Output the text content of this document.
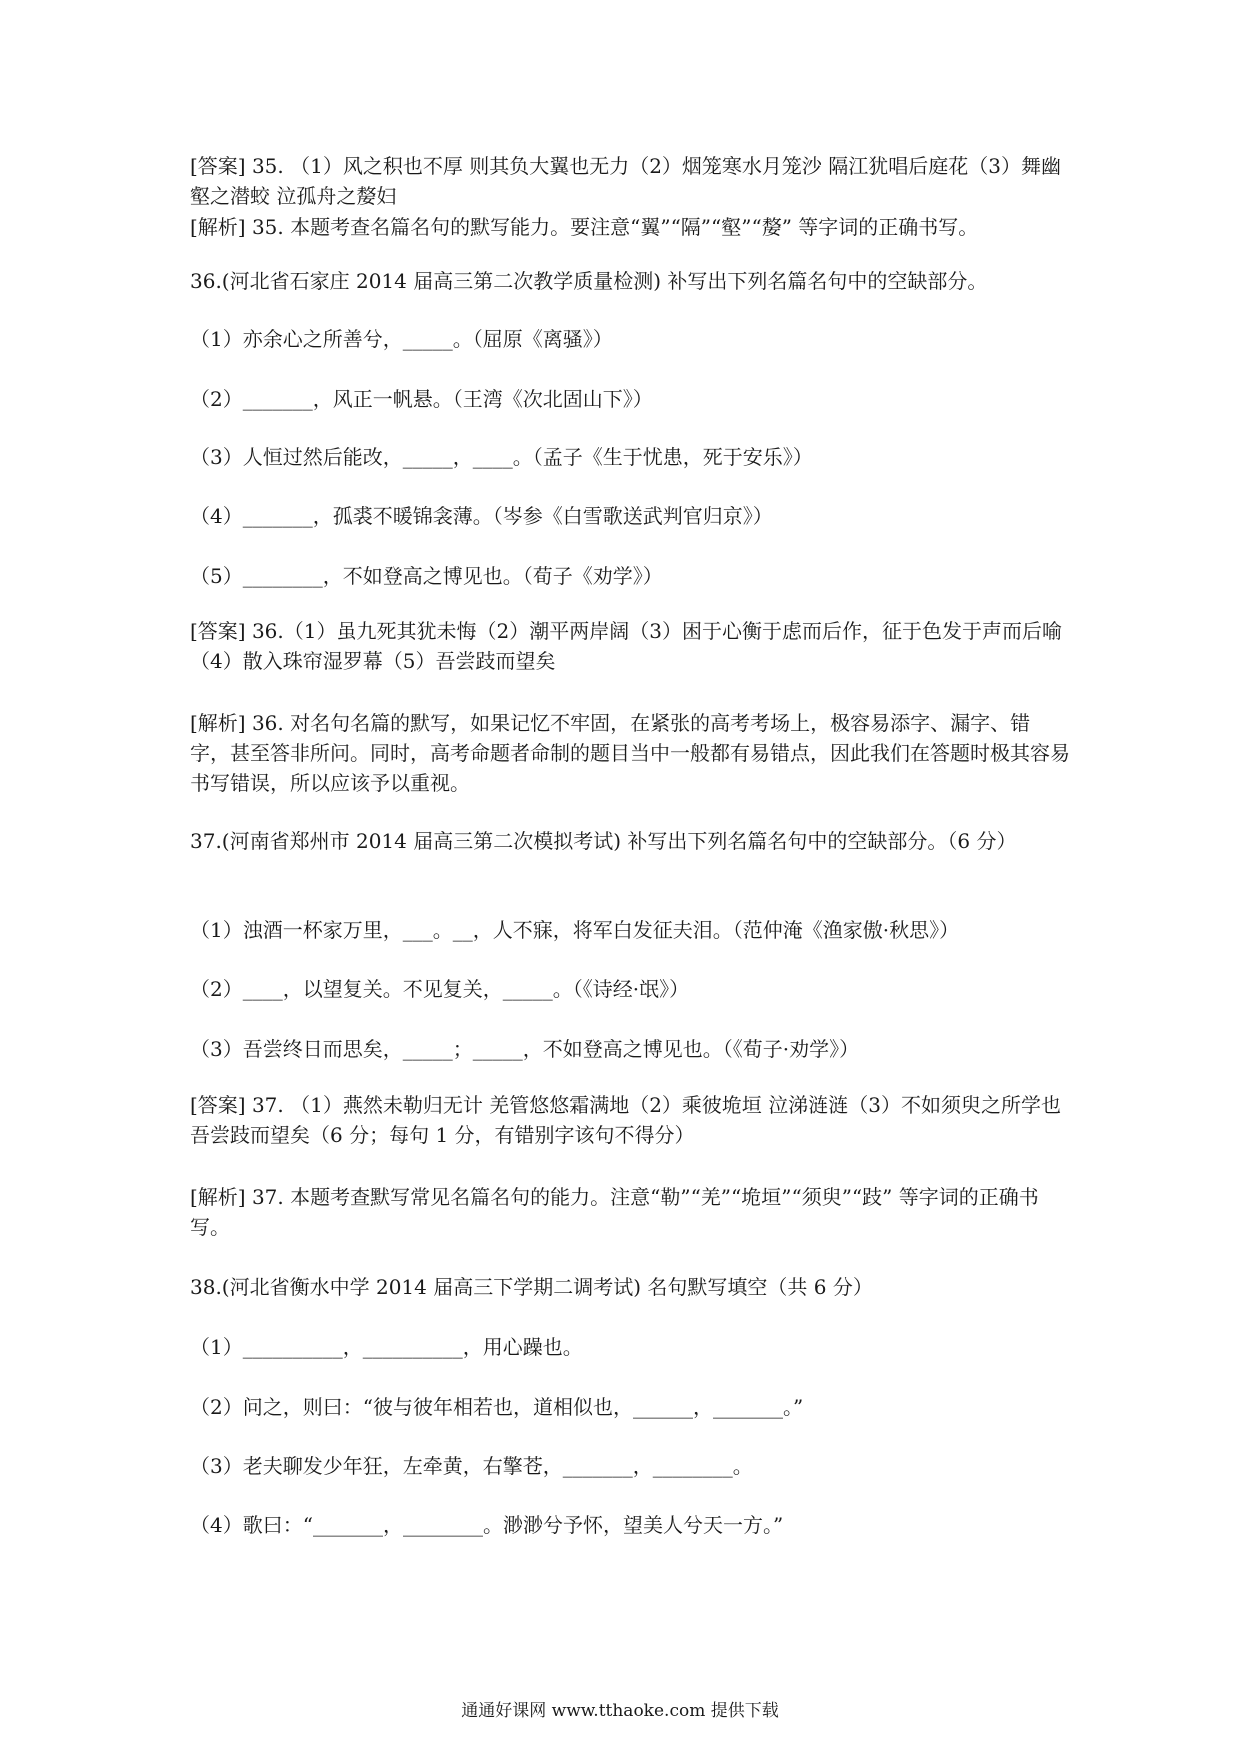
[答案] 35. （1）风之积也不厚 则其负大翼也无力（2）烟笼寒水月笼沙 隔江犹唱后庭花（3）舞幽壑之潜蛟 泣孤舟之嫠妇
[解析] 35. 本题考查名篇名句的默写能力。要注意“翼”“隔”“壑”“嫠” 等字词的正确书写。
36.(河北省石家庄 2014 届高三第二次教学质量检测) 补写出下列名篇名句中的空缺部分。
（1）亦余心之所善兮，_____。（屈原《离骚》）
（2）_______，风正一帆悬。（王湾《次北固山下》）
（3）人恒过然后能改，_____，____。（孟子《生于忧患，死于安乐》）
（4）_______，孤裘不暖锦衾薄。（岑参《白雪歌送武判官归京》）
（5）________，不如登高之博见也。（荀子《劝学》）
[答案] 36.（1）虽九死其犹未悔（2）潮平两岸阔（3）困于心衡于虑而后作，征于色发于声而后喻（4）散入珠帘湿罗幕（5）吾尝跂而望矣
[解析] 36. 对名句名篇的默写，如果记忆不牢固，在紧张的高考考场上，极容易添字、漏字、错字，甚至答非所问。同时，高考命题者命制的题目当中一般都有易错点，因此我们在答题时极其容易书写错误，所以应该予以重视。
37.(河南省郑州市 2014 届高三第二次模拟考试) 补写出下列名篇名句中的空缺部分。（6 分）
（1）浊酒一杯家万里，___。__，人不寐，将军白发征夫泪。（范仲淹《渔家傲·秋思》）
（2）____，以望复关。不见复关，_____。（《诗经·氓》）
（3）吾尝终日而思矣，_____；_____，不如登高之博见也。（《荀子·劝学》）
[答案] 37. （1）燕然未勒归无计 羌管悠悠霜满地（2）乘彼垝垣 泣涕涟涟（3）不如须臾之所学也 吾尝跂而望矣（6 分；每句 1 分，有错别字该句不得分）
[解析] 37. 本题考查默写常见名篇名句的能力。注意“勒”“羌”“垝垣”“须臾”“跂” 等字词的正确书写。
38.(河北省衡水中学 2014 届高三下学期二调考试) 名句默写填空（共 6 分）
（1）__________，__________，用心躁也。
（2）问之，则曰：“彼与彼年相若也，道相似也，______，_______。”
（3）老夫聊发少年狂，左牵黄，右擎苍，_______，________。
（4）歌曰：“_______，________。渺渺兮予怀，望美人兮天一方。”
通通好课网 www.tthaoke.com 提供下载
